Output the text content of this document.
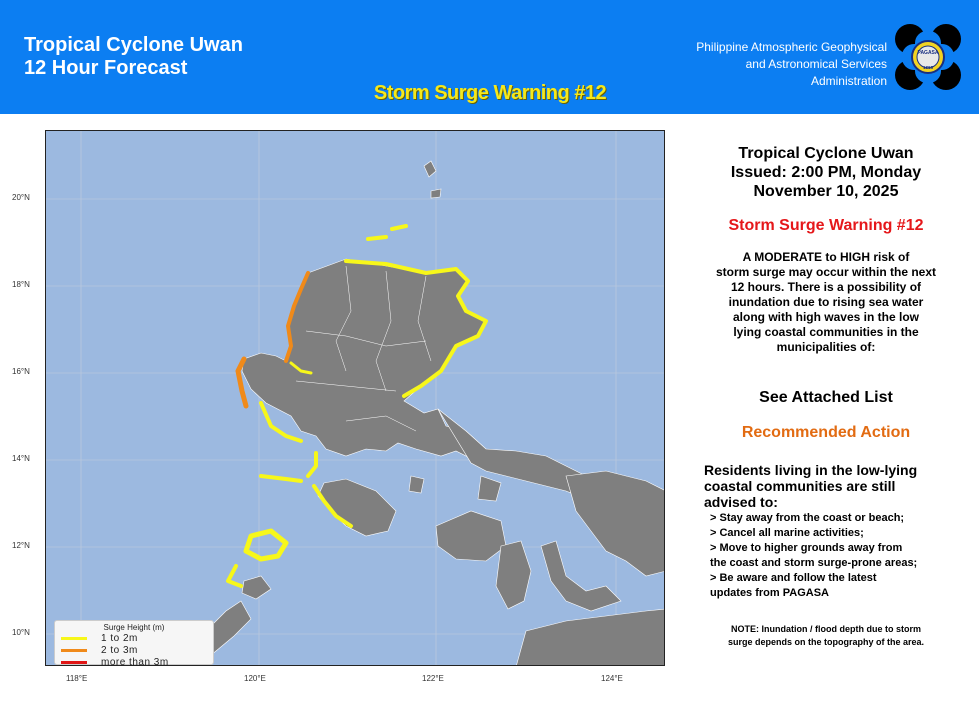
Tropical Cyclone Uwan
12 Hour Forecast
Philippine Atmospheric Geophysical
and Astronomical Services
Administration
PAGASA
1865
Storm Surge Warning #12
20°N
18°N
16°N
14°N
12°N
10°N
118°E	120°E	122°E	124°E
Surge Height (m)
1 to 2m
2 to 3m
more than 3m
Tropical Cyclone Uwan
Issued: 2:00 PM, Monday
November 10, 2025
Storm Surge Warning #12
A MODERATE to HIGH risk of
storm surge may occur within the next
12 hours. There is a possibility of
inundation due to rising sea water
along with high waves in the low
lying coastal communities in the
municipalities of:
See Attached List
Recommended Action
Residents living in the low-lying
coastal communities are still
advised to:
> Stay away from the coast or beach;
> Cancel all marine activities;
> Move to higher grounds away from
the coast and storm surge-prone areas;
> Be aware and follow the latest
updates from PAGASA
NOTE: Inundation / flood depth due to storm
surge depends on the topography of the area.
